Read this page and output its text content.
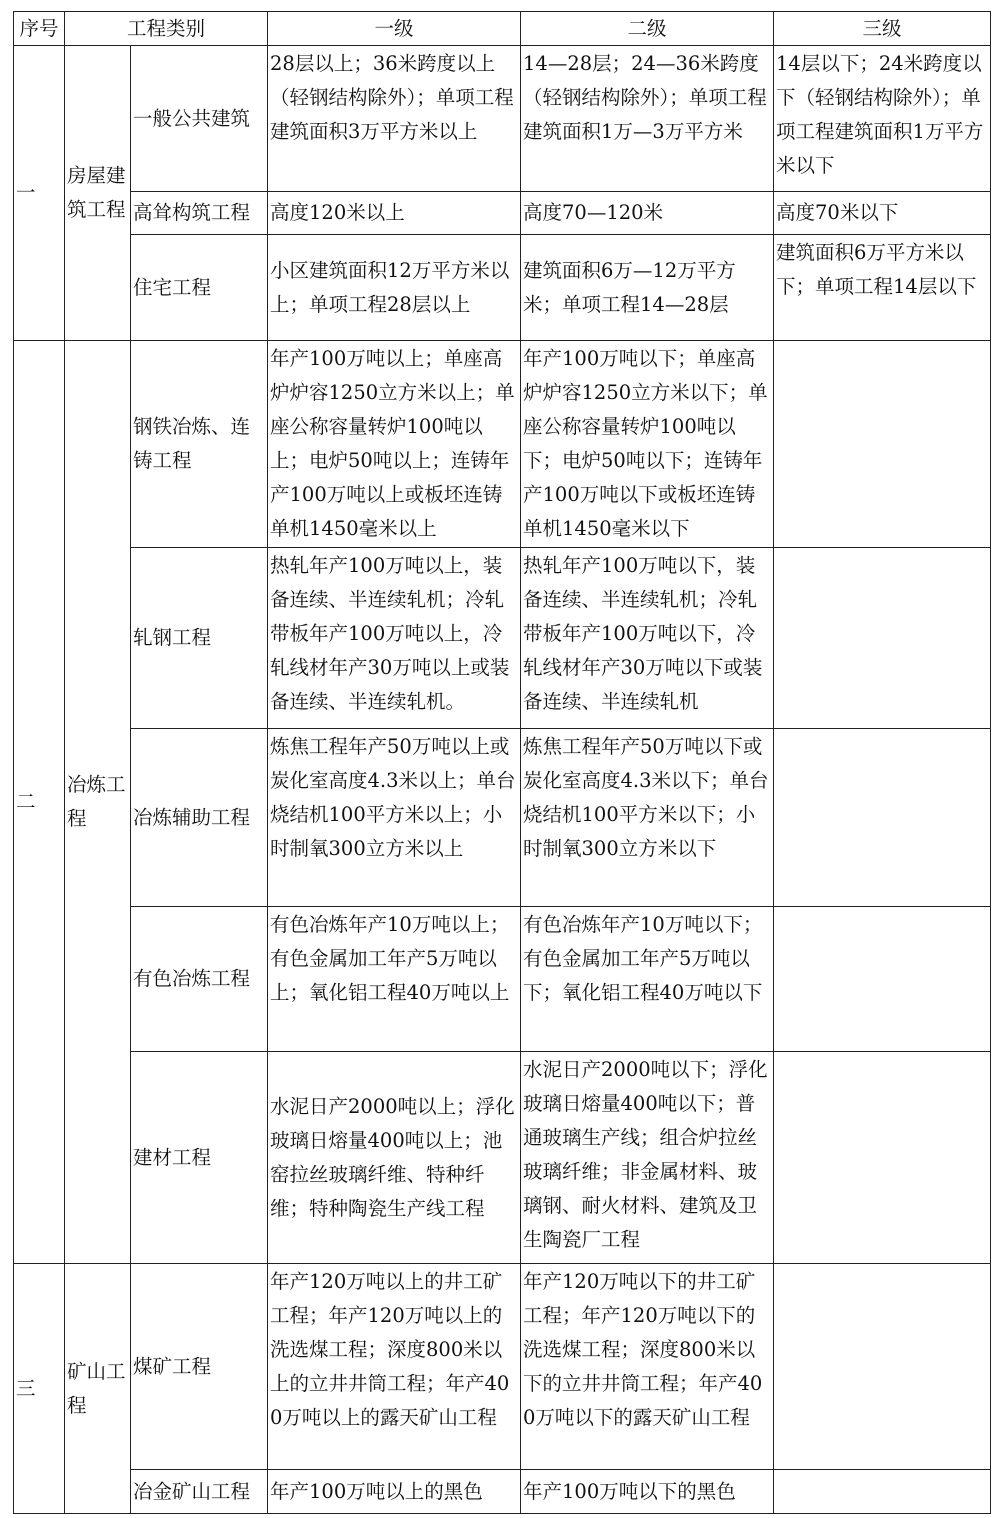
序号	工程类别		一级	二级	三级
一	房屋建筑工程	一般公共建筑	28层以上；36米跨度以上（轻钢结构除外）；单项工程建筑面积3万平方米以上	14—28层；24—36米跨度（轻钢结构除外）；单项工程建筑面积1万—3万平方米	14层以下；24米跨度以下（轻钢结构除外）；单项工程建筑面积1万平方米以下
		高耸构筑工程	高度120米以上	高度70—120米	高度70米以下
		住宅工程	小区建筑面积12万平方米以上；单项工程28层以上	建筑面积6万—12万平方米；单项工程14—28层	建筑面积6万平方米以下；单项工程14层以下
二	冶炼工程	钢铁冶炼、连铸工程	年产100万吨以上；单座高炉炉容1250立方米以上；单座公称容量转炉100吨以上；电炉50吨以上；连铸年产100万吨以上或板坯连铸单机1450毫米以上	年产100万吨以下；单座高炉炉容1250立方米以下；单座公称容量转炉100吨以下；电炉50吨以下；连铸年产100万吨以下或板坯连铸单机1450毫米以下	
		轧钢工程	热轧年产100万吨以上，装备连续、半连续轧机；冷轧带板年产100万吨以上，冷轧线材年产30万吨以上或装备连续、半连续轧机。	热轧年产100万吨以下，装备连续、半连续轧机；冷轧带板年产100万吨以下，冷轧线材年产30万吨以下或装备连续、半连续轧机	
		冶炼辅助工程	炼焦工程年产50万吨以上或炭化室高度4.3米以上；单台烧结机100平方米以上；小时制氧300立方米以上	炼焦工程年产50万吨以下或炭化室高度4.3米以下；单台烧结机100平方米以下；小时制氧300立方米以下	
		有色冶炼工程	有色冶炼年产10万吨以上；有色金属加工年产5万吨以上；氧化铝工程40万吨以上	有色冶炼年产10万吨以下；有色金属加工年产5万吨以下；氧化铝工程40万吨以下	
		建材工程	水泥日产2000吨以上；浮化玻璃日熔量400吨以上；池窑拉丝玻璃纤维、特种纤维；特种陶瓷生产线工程	水泥日产2000吨以下；浮化玻璃日熔量400吨以下；普通玻璃生产线；组合炉拉丝玻璃纤维；非金属材料、玻璃钢、耐火材料、建筑及卫生陶瓷厂工程	
三	矿山工程	煤矿工程	年产120万吨以上的井工矿工程；年产120万吨以上的洗选煤工程；深度800米以上的立井井筒工程；年产400万吨以上的露天矿山工程	年产120万吨以下的井工矿工程；年产120万吨以下的洗选煤工程；深度800米以下的立井井筒工程；年产400万吨以下的露天矿山工程	
		冶金矿山工程	年产100万吨以上的黑色	年产100万吨以下的黑色	
